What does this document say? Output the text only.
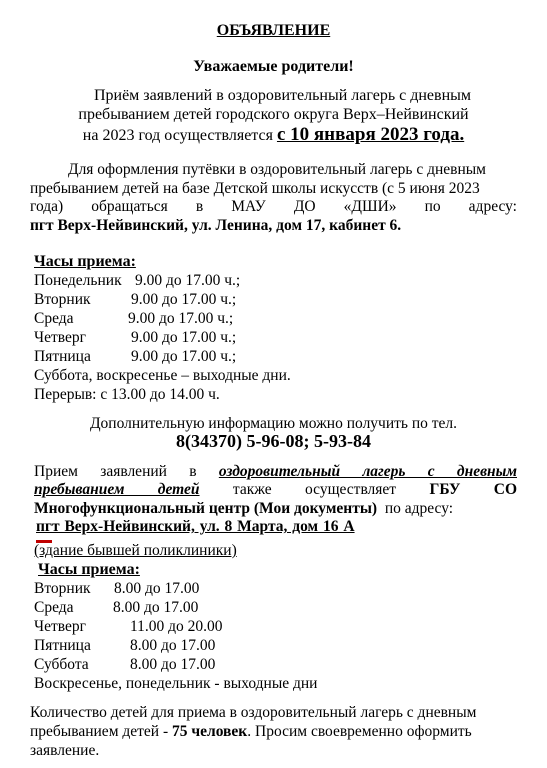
ОБЪЯВЛЕНИЕ
Уважаемые родители!
Приём заявлений в оздоровительный лагерь с дневным
пребыванием детей городского округа Верх–Нейвинский
на 2023 год осуществляется с 10 января 2023 года.
Для оформления путёвки в оздоровительный лагерь с дневным
пребыванием детей на базе Детской школы искусств (с 5 июня 2023
года) обращаться в МАУ ДО «ДШИ» по адресу:
пгт Верх-Нейвинский, ул. Ленина, дом 17, кабинет 6.
Часы приема:
Понедельник 9.00 до 17.00 ч.;
Вторник	9.00 до 17.00 ч.;
Среда	9.00 до 17.00 ч.;
Четверг	9.00 до 17.00 ч.;
Пятница	9.00 до 17.00 ч.;
Суббота, воскресенье – выходные дни.
Перерыв: с 13.00 до 14.00 ч.
Дополнительную информацию можно получить по тел.
8(34370) 5-96-08; 5-93-84
Прием заявлений в оздоровительный лагерь с дневным
пребыванием детей также осуществляет ГБУ СО
Многофункциональный центр (Мои документы) по адресу:
пгт Верх-Нейвинский, ул. 8 Марта, дом 16 А
(здание бывшей поликлиники)
Часы приема:
Вторник 8.00 до 17.00
Среда	8.00 до 17.00
Четверг	11.00 до 20.00
Пятница	8.00 до 17.00
Суббота	8.00 до 17.00
Воскресенье, понедельник - выходные дни
Количество детей для приема в оздоровительный лагерь с дневным
пребыванием детей - 75 человек. Просим своевременно оформить
заявление.
